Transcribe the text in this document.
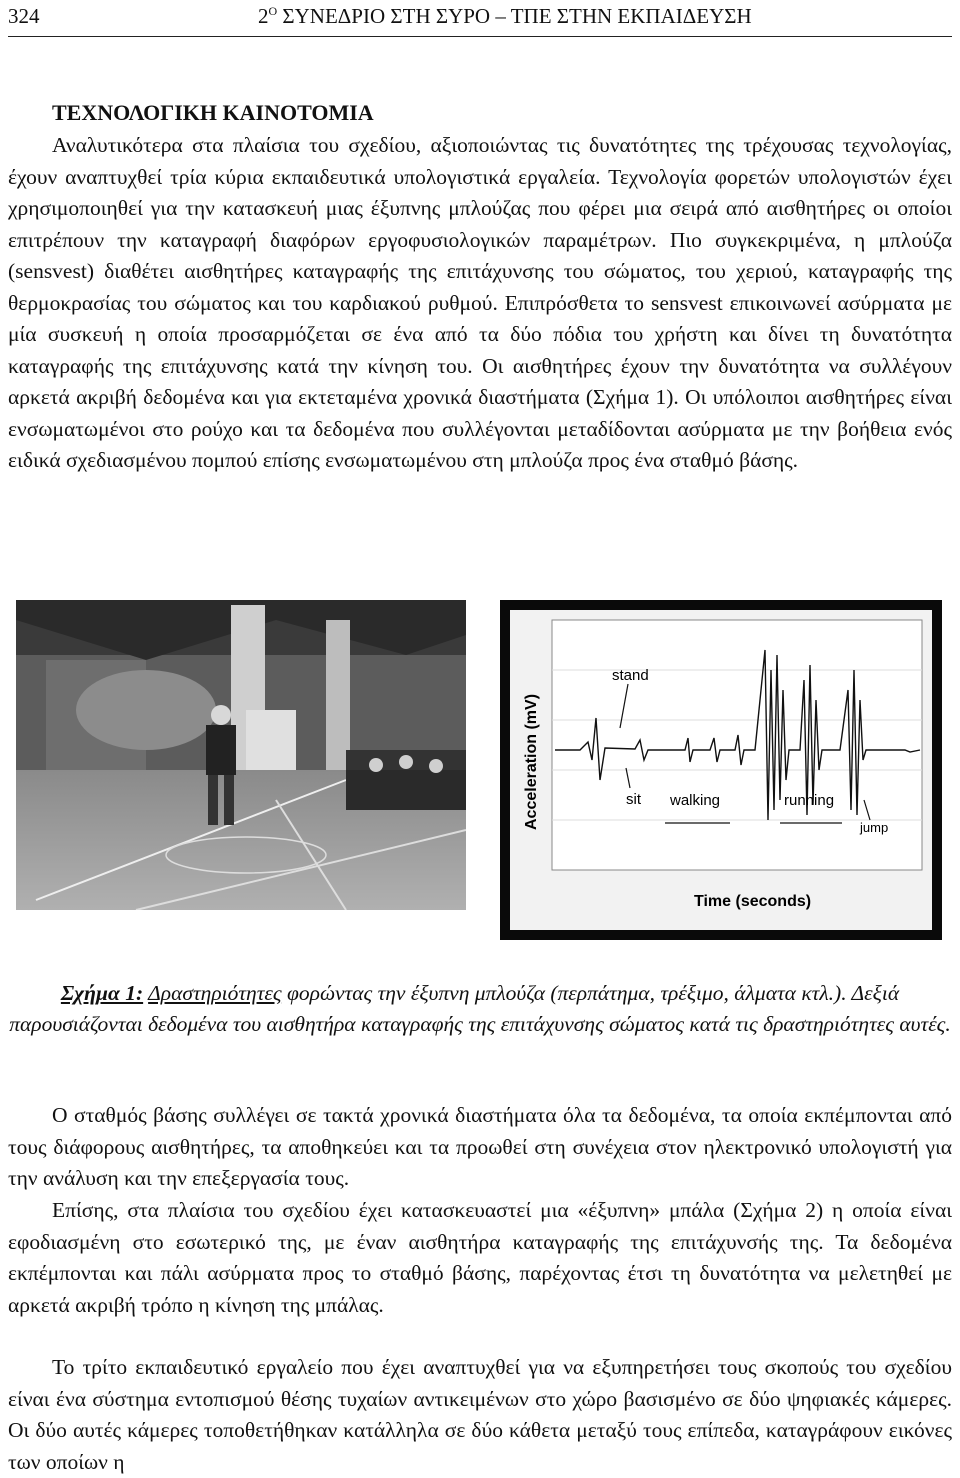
324	$2^O$ ΣΥΝΕΔΡΙΟ ΣΤΗ ΣΥΡΟ – ΤΠΕ ΣΤΗΝ ΕΚΠΑΙΔΕΥΣΗ
ΤΕΧΝΟΛΟΓΙΚΗ ΚΑΙΝΟΤΟΜΙΑ
Αναλυτικότερα στα πλαίσια του σχεδίου, αξιοποιώντας τις δυνατότητες της τρέχουσας τεχνολογίας, έχουν αναπτυχθεί τρία κύρια εκπαιδευτικά υπολογιστικά εργαλεία. Τεχνολογία φορετών υπολογιστών έχει χρησιμοποιηθεί για την κατασκευή μιας έξυπνης μπλούζας που φέρει μια σειρά από αισθητήρες οι οποίοι επιτρέπουν την καταγραφή διαφόρων εργοφυσιολογικών παραμέτρων. Πιο συγκεκριμένα, η μπλούζα (sensvest) διαθέτει αισθητήρες καταγραφής της επιτάχυνσης του σώματος, του χεριού, καταγραφής της θερμοκρασίας του σώματος και του καρδιακού ρυθμού. Επιπρόσθετα το sensvest επικοινωνεί ασύρματα με μία συσκευή η οποία προσαρμόζεται σε ένα από τα δύο πόδια του χρήστη και δίνει τη δυνατότητα καταγραφής της επιτάχυνσης κατά την κίνηση του. Οι αισθητήρες έχουν την δυνατότητα να συλλέγουν αρκετά ακριβή δεδομένα και για εκτεταμένα χρονικά διαστήματα (Σχήμα 1). Οι υπόλοιποι αισθητήρες είναι ενσωματωμένοι στο ρούχο και τα δεδομένα που συλλέγονται μεταδίδονται ασύρματα με την βοήθεια ενός ειδικά σχεδιασμένου πομπού επίσης ενσωματωμένου στη μπλούζα προς ένα σταθμό βάσης.
stand
sit walking	running
jump
Acceleration (mV)
Time (seconds)
Σχήμα 1: Δραστηριότητες φορώντας την έξυπνη μπλούζα (περπάτημα, τρέξιμο, άλματα κτλ.). Δεξιά παρουσιάζονται δεδομένα του αισθητήρα καταγραφής της επιτάχυνσης σώματος κατά τις δραστηριότητες αυτές.
Ο σταθμός βάσης συλλέγει σε τακτά χρονικά διαστήματα όλα τα δεδομένα, τα οποία εκπέμπονται από τους διάφορους αισθητήρες, τα αποθηκεύει και τα προωθεί στη συνέχεια στον ηλεκτρονικό υπολογιστή για την ανάλυση και την επεξεργασία τους.
Επίσης, στα πλαίσια του σχεδίου έχει κατασκευαστεί μια «έξυπνη» μπάλα (Σχήμα 2) η οποία είναι εφοδιασμένη στο εσωτερικό της, με έναν αισθητήρα καταγραφής της επιτάχυνσής της. Τα δεδομένα εκπέμπονται και πάλι ασύρματα προς το σταθμό βάσης, παρέχοντας έτσι τη δυνατότητα να μελετηθεί με αρκετά ακριβή τρόπο η κίνηση της μπάλας.
Το τρίτο εκπαιδευτικό εργαλείο που έχει αναπτυχθεί για να εξυπηρετήσει τους σκοπούς του σχεδίου είναι ένα σύστημα εντοπισμού θέσης τυχαίων αντικειμένων στο χώρο βασισμένο σε δύο ψηφιακές κάμερες. Οι δύο αυτές κάμερες τοποθετήθηκαν κατάλληλα σε δύο κάθετα μεταξύ τους επίπεδα, καταγράφουν εικόνες των οποίων η
